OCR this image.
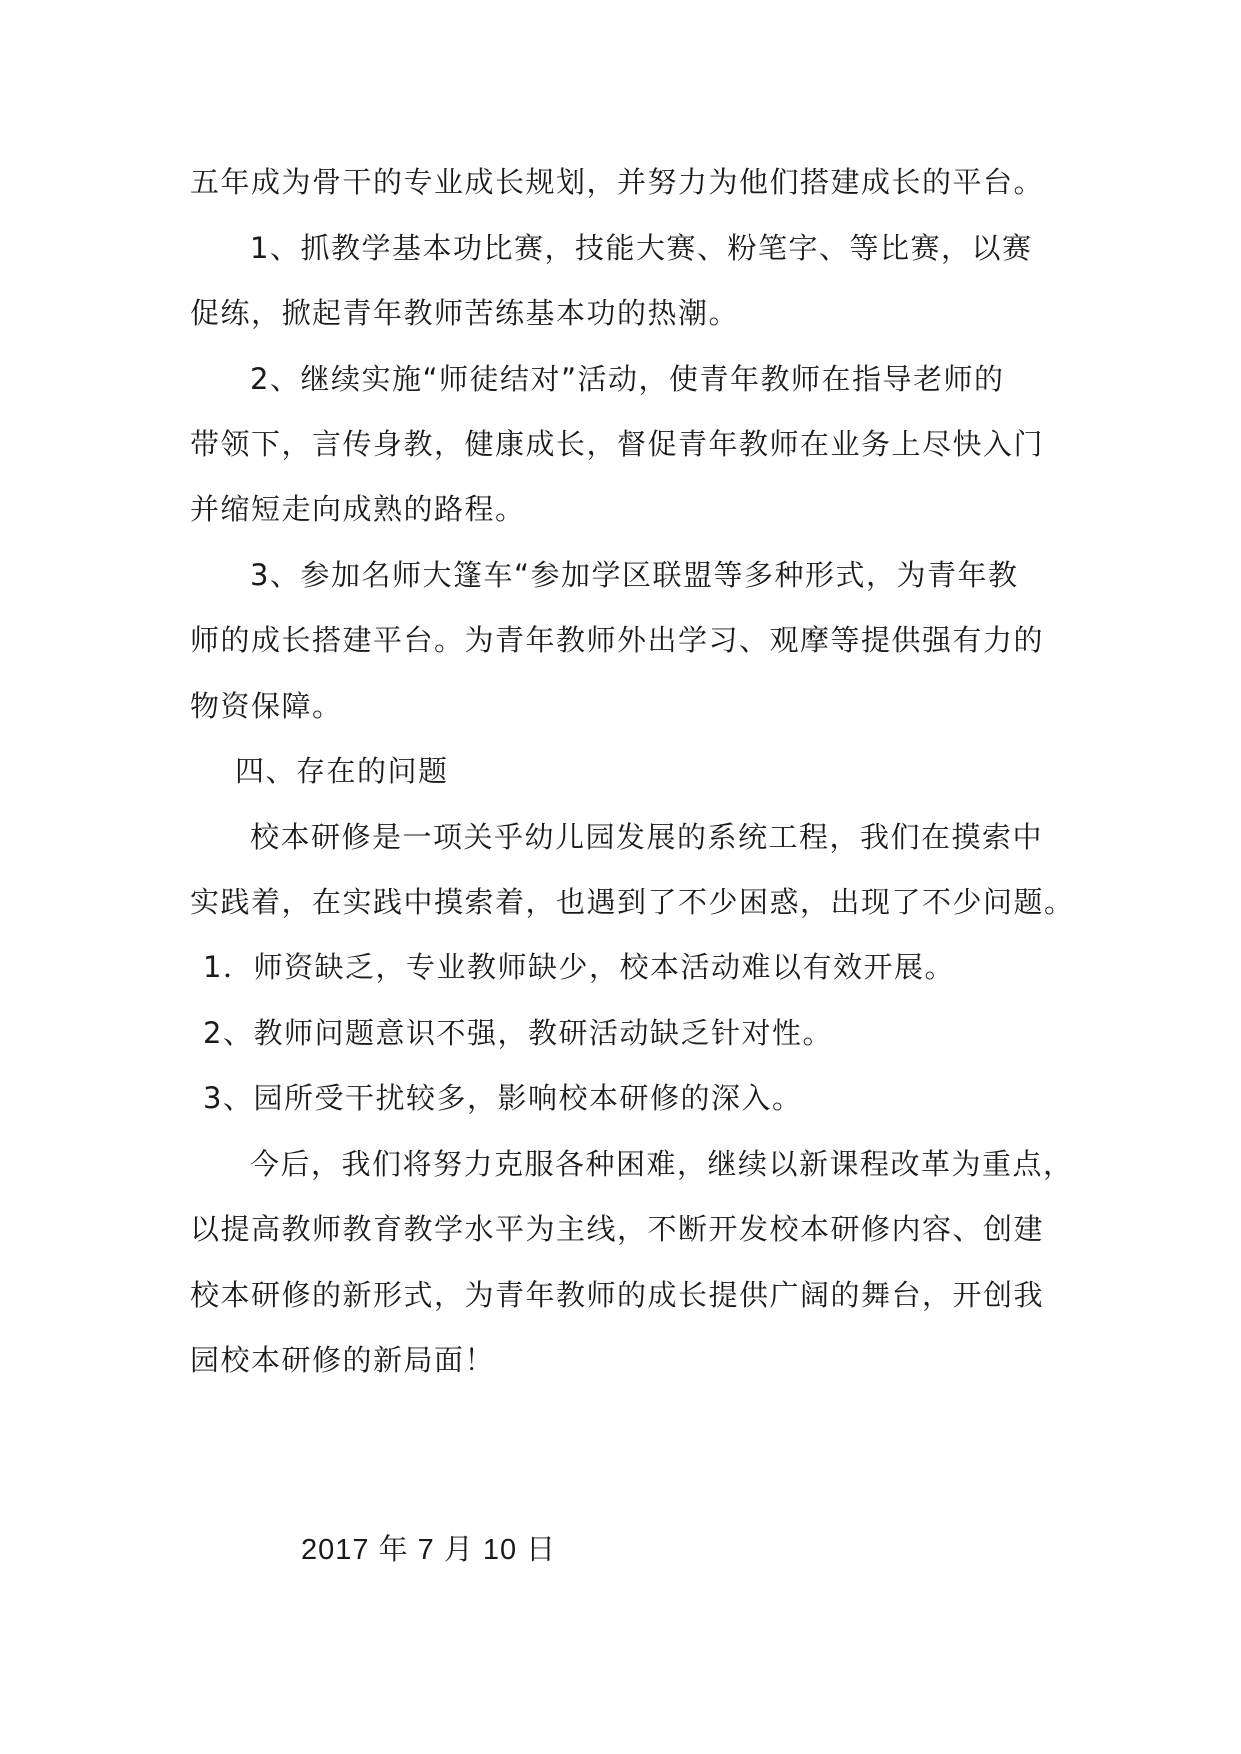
五年成为骨干的专业成长规划，并努力为他们搭建成长的平台。
1、抓教学基本功比赛，技能大赛、粉笔字、等比赛，以赛
促练，掀起青年教师苦练基本功的热潮。
2、继续实施“师徒结对”活动，使青年教师在指导老师的
带领下，言传身教，健康成长，督促青年教师在业务上尽快入门
并缩短走向成熟的路程。
3、参加名师大篷车“参加学区联盟等多种形式，为青年教
师的成长搭建平台。为青年教师外出学习、观摩等提供强有力的
物资保障。
四、存在的问题
校本研修是一项关乎幼儿园发展的系统工程，我们在摸索中
实践着，在实践中摸索着，也遇到了不少困惑，出现了不少问题。
1．师资缺乏，专业教师缺少，校本活动难以有效开展。
2、教师问题意识不强，教研活动缺乏针对性。
3、园所受干扰较多，影响校本研修的深入。
今后，我们将努力克服各种困难，继续以新课程改革为重点，
以提高教师教育教学水平为主线，不断开发校本研修内容、创建
校本研修的新形式，为青年教师的成长提供广阔的舞台，开创我
园校本研修的新局面！
2017 年 7 月 10 日
